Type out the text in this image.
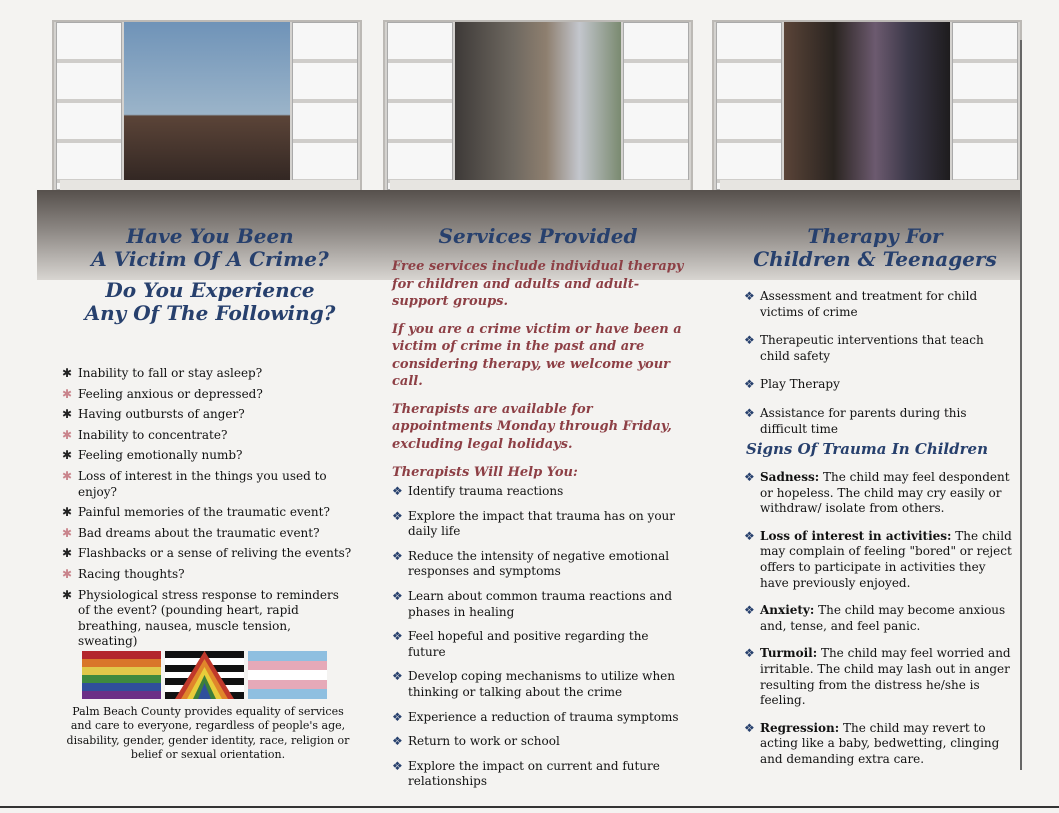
Have You Been
A Victim Of A Crime?
Do You Experience
Any Of The Following?
✱ Inability to fall or stay asleep?
✱ Feeling anxious or depressed?
✱ Having outbursts of anger?
✱ Inability to concentrate?
✱ Feeling emotionally numb?
✱ Loss of interest in the things you used to enjoy?
✱ Painful memories of the traumatic event?
✱ Bad dreams about the traumatic event?
✱ Flashbacks or a sense of reliving the events?
✱ Racing thoughts?
✱ Physiological stress response to reminders of the event? (pounding heart, rapid breathing, nausea, muscle tension, sweating)

Palm Beach County provides equality of services and care to everyone, regardless of people's age, disability, gender, gender identity, race, religion or belief or sexual orientation.

Services Provided

Free services include individual therapy for children and adults and adult-support groups.

If you are a crime victim or have been a victim of crime in the past and are considering therapy, we welcome your call.

Therapists are available for appointments Monday through Friday, excluding legal holidays.

Therapists Will Help You:

❖ Identify trauma reactions
❖ Explore the impact that trauma has on your daily life
❖ Reduce the intensity of negative emotional responses and symptoms
❖ Learn about common trauma reactions and phases in healing
❖ Feel hopeful and positive regarding the future
❖ Develop coping mechanisms to utilize when thinking or talking about the crime
❖ Experience a reduction of trauma symptoms
❖ Return to work or school
❖ Explore the impact on current and future relationships
Therapy For
Children & Teenagers
❖ Assessment and treatment for child victims of crime
❖ Therapeutic interventions that teach child safety
❖ Play Therapy
❖ Assistance for parents during this difficult time
Signs Of Trauma In Children
❖ Sadness: The child may feel despondent or hopeless. The child may cry easily or withdraw/ isolate from others.
❖ Loss of interest in activities: The child may complain of feeling "bored" or reject offers to participate in activities they have previously enjoyed.
❖ Anxiety: The child may become anxious and, tense, and feel panic.
❖ Turmoil: The child may feel worried and irritable. The child may lash out in anger resulting from the distress he/she is feeling.
❖ Regression: The child may revert to acting like a baby, bedwetting, clinging and demanding extra care.
